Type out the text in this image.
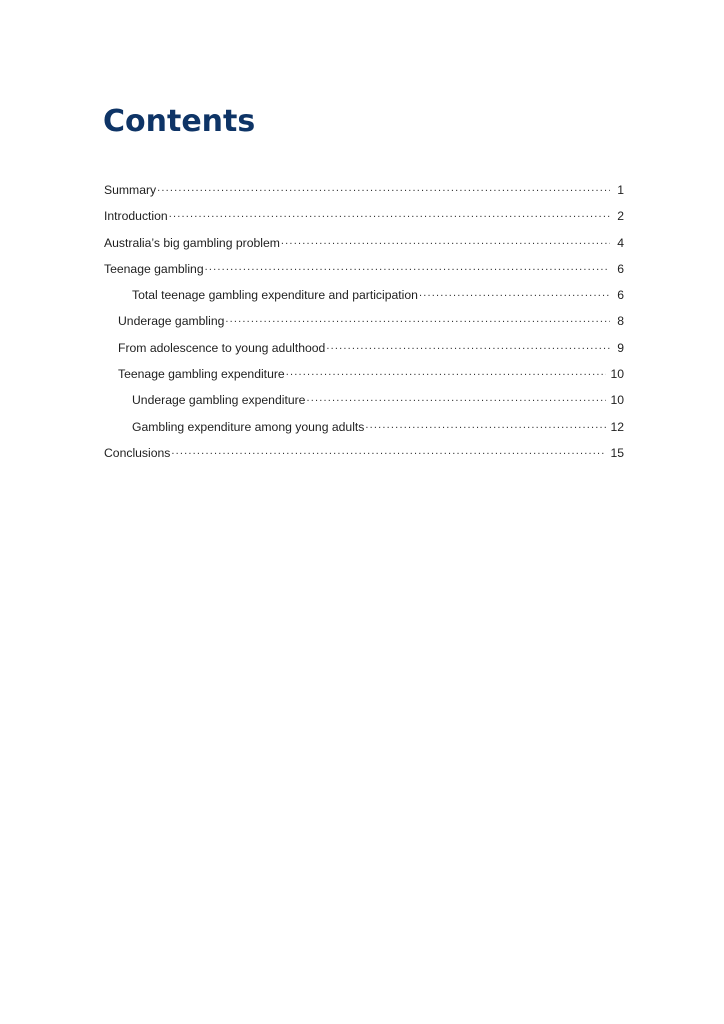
Contents
Summary .....	1
Introduction .....	2
Australia’s big gambling problem .....	4
Teenage gambling .....	6
Total teenage gambling expenditure and participation .....	6
Underage gambling .....	8
From adolescence to young adulthood .....	9
Teenage gambling expenditure .....	10
Underage gambling expenditure .....	10
Gambling expenditure among young adults .....	12
Conclusions .....	15
